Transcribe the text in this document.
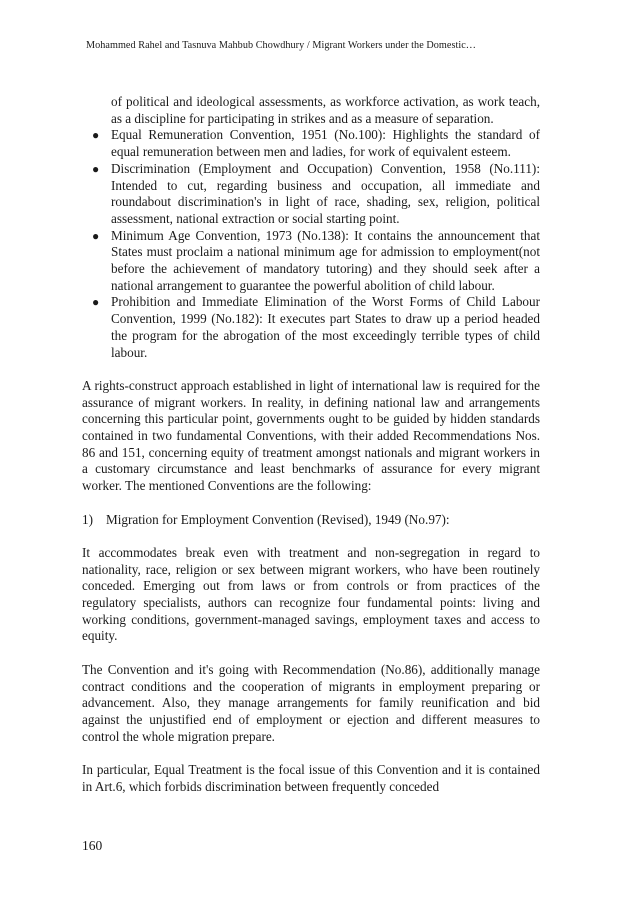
Mohammed Rahel and Tasnuva Mahbub Chowdhury / Migrant Workers under the Domestic…

of political and ideological assessments, as workforce activation, as work teach, as a discipline for participating in strikes and as a measure of separation.

● Equal Remuneration Convention, 1951 (No.100): Highlights the standard of equal remuneration between men and ladies, for work of equivalent esteem.
● Discrimination (Employment and Occupation) Convention, 1958 (No.111): Intended to cut, regarding business and occupation, all immediate and roundabout discrimination's in light of race, shading, sex, religion, political assessment, national extraction or social starting point.
● Minimum Age Convention, 1973 (No.138): It contains the announcement that States must proclaim a national minimum age for admission to employment(not before the achievement of mandatory tutoring) and they should seek after a national arrangement to guarantee the powerful abolition of child labour.
● Prohibition and Immediate Elimination of the Worst Forms of Child Labour Convention, 1999 (No.182): It executes part States to draw up a period headed the program for the abrogation of the most exceedingly terrible types of child labour.

A rights-construct approach established in light of international law is required for the assurance of migrant workers. In reality, in defining national law and arrangements concerning this particular point, governments ought to be guided by hidden standards contained in two fundamental Conventions, with their added Recommendations Nos. 86 and 151, concerning equity of treatment amongst nationals and migrant workers in a customary circumstance and least benchmarks of assurance for every migrant worker. The mentioned Conventions are the following:

1) Migration for Employment Convention (Revised), 1949 (No.97):

It accommodates break even with treatment and non-segregation in regard to nationality, race, religion or sex between migrant workers, who have been routinely conceded. Emerging out from laws or from controls or from practices of the regulatory specialists, authors can recognize four fundamental points: living and working conditions, government-managed savings, employment taxes and access to equity.

The Convention and it's going with Recommendation (No.86), additionally manage contract conditions and the cooperation of migrants in employment preparing or advancement. Also, they manage arrangements for family reunification and bid against the unjustified end of employment or ejection and different measures to control the whole migration prepare.

In particular, Equal Treatment is the focal issue of this Convention and it is contained in Art.6, which forbids discrimination between frequently conceded

160
